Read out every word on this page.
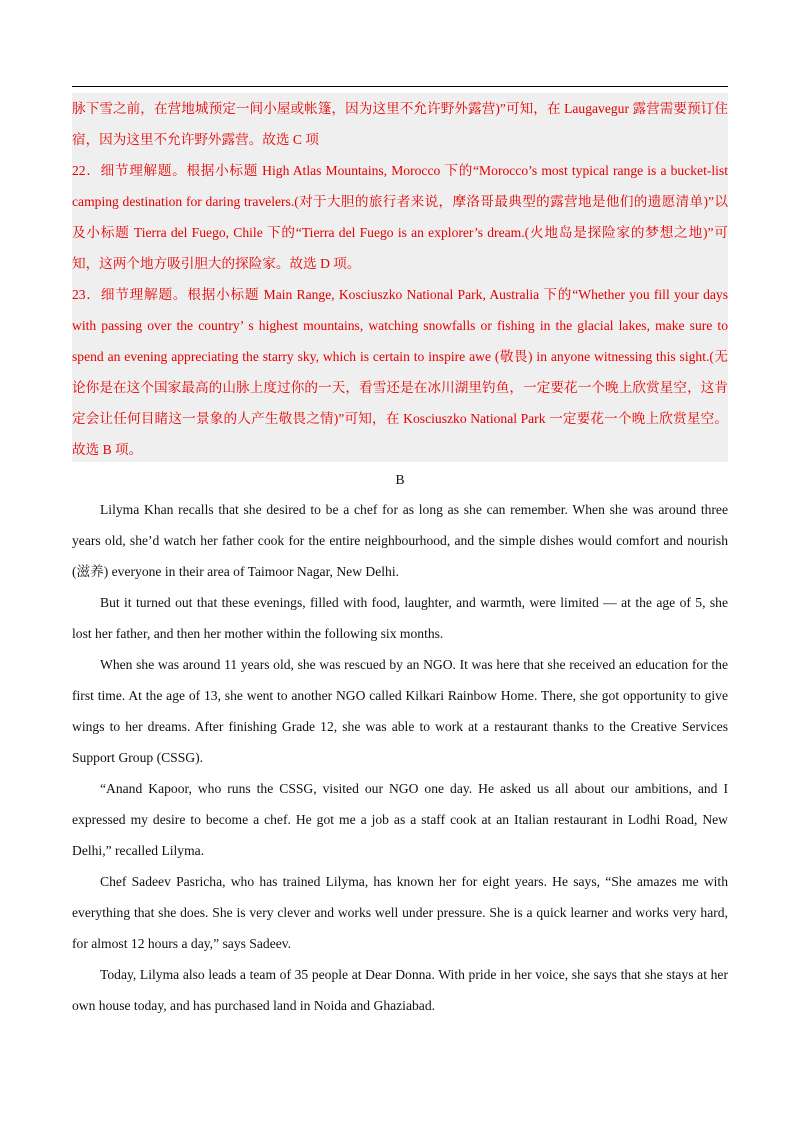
脉下雪之前，在营地城预定一间小屋或帐篷，因为这里不允许野外露营)”可知，在 Laugavegur 露营需要预订住宿，因为这里不允许野外露营。故选 C 项

22．细节理解题。根据小标题 High Atlas Mountains, Morocco 下的“Morocco’s most typical range is a bucket-list camping destination for daring travelers.(对于大胆的旅行者来说，摩洛哥最典型的露营地是他们的遗愿清单)”以及小标题 Tierra del Fuego, Chile 下的“Tierra del Fuego is an explorer’s dream.(火地岛是探险家的梦想之地)”可知，这两个地方吸引胆大的探险家。故选 D 项。

23．细节理解题。根据小标题 Main Range, Kosciuszko National Park, Australia 下的“Whether you fill your days with passing over the country’ s highest mountains, watching snowfalls or fishing in the glacial lakes, make sure to spend an evening appreciating the starry sky, which is certain to inspire awe (敬畏) in anyone witnessing this sight.(无论你是在这个国家最高的山脉上度过你的一天，看雪还是在冰川湖里钓鱼，一定要花一个晚上欣赏星空，这肯定会让任何目睹这一景象的人产生敬畏之情)”可知，在 Kosciuszko National Park 一定要花一个晚上欣赏星空。故选 B 项。

B

Lilyma Khan recalls that she desired to be a chef for as long as she can remember. When she was around three years old, she’d watch her father cook for the entire neighbourhood, and the simple dishes would comfort and nourish (滋养) everyone in their area of Taimoor Nagar, New Delhi.

But it turned out that these evenings, filled with food, laughter, and warmth, were limited — at the age of 5, she lost her father, and then her mother within the following six months.

When she was around 11 years old, she was rescued by an NGO. It was here that she received an education for the first time. At the age of 13, she went to another NGO called Kilkari Rainbow Home. There, she got opportunity to give wings to her dreams. After finishing Grade 12, she was able to work at a restaurant thanks to the Creative Services Support Group (CSSG).

“Anand Kapoor, who runs the CSSG, visited our NGO one day. He asked us all about our ambitions, and I expressed my desire to become a chef. He got me a job as a staff cook at an Italian restaurant in Lodhi Road, New Delhi,” recalled Lilyma.

Chef Sadeev Pasricha, who has trained Lilyma, has known her for eight years. He says, “She amazes me with everything that she does. She is very clever and works well under pressure. She is a quick learner and works very hard, for almost 12 hours a day,” says Sadeev.

Today, Lilyma also leads a team of 35 people at Dear Donna. With pride in her voice, she says that she stays at her own house today, and has purchased land in Noida and Ghaziabad.
